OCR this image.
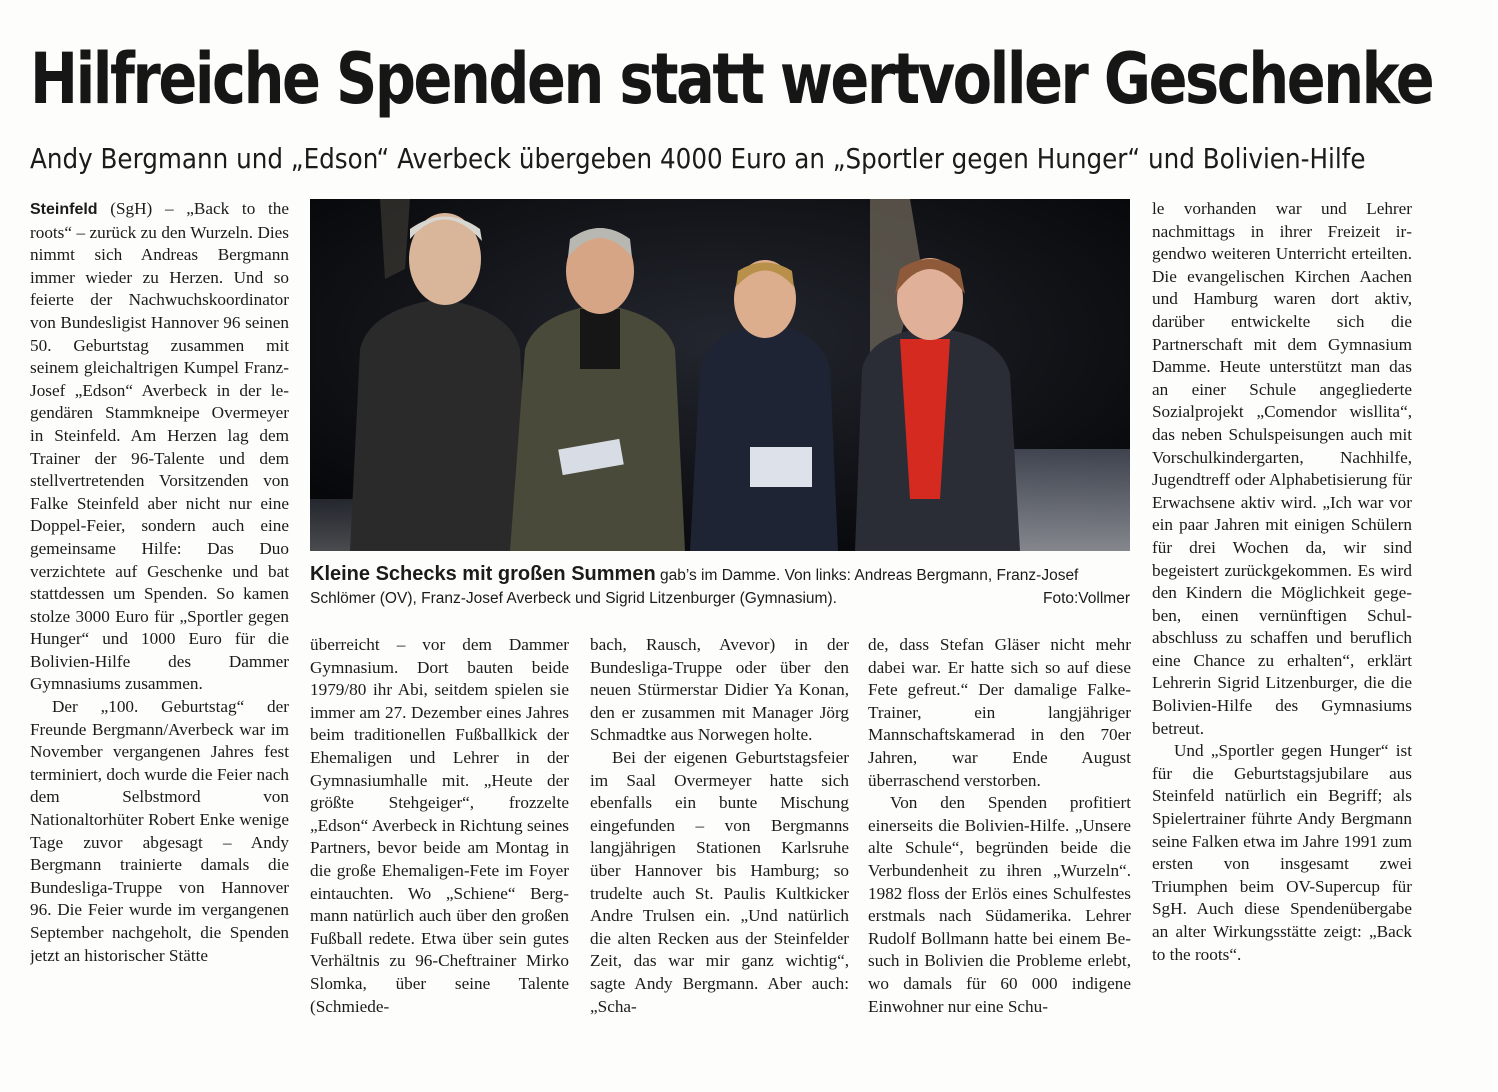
Hilfreiche Spenden statt wertvoller Geschenke
Andy Bergmann und „Edson“ Averbeck übergeben 4000 Euro an „Sportler gegen Hunger“ und Bolivien-Hilfe

Steinfeld (SgH) – „Back to the roots“ – zurück zu den Wurzeln. Dies nimmt sich Andreas Bergmann immer wieder zu Herzen. Und so feierte der Nachwuchskoordinator von Bundesligist Hannover 96 seinen 50. Geburtstag zusammen mit seinem gleichaltrigen Kumpel Franz-Josef „Edson“ Averbeck in der legendären Stammkneipe Overmeyer in Steinfeld. Am Herzen lag dem Trainer der 96-Talente und dem stellvertretenden Vorsitzenden von Falke Steinfeld aber nicht nur eine Doppel-Feier, sondern auch eine gemeinsame Hilfe: Das Duo verzichtete auf Geschenke und bat stattdessen um Spenden. So kamen stolze 3000 Euro für „Sportler gegen Hunger“ und 1000 Euro für die Bolivien-Hilfe des Dammer Gymnasiums zusammen.

Der „100. Geburtstag“ der Freunde Bergmann/Averbeck war im November vergangenen Jahres fest terminiert, doch wurde die Feier nach dem Selbstmord von Nationaltorhüter Robert Enke wenige Tage zuvor abgesagt – Andy Bergmann trainierte damals die Bundesliga-Truppe von Hannover 96. Die Feier wurde im vergangenen September nachgeholt, die Spenden jetzt an historischer Stätte

Kleine Schecks mit großen Summen gab’s im Damme. Von links: Andreas Bergmann, Franz-Josef Schlömer (OV), Franz-Josef Averbeck und Sigrid Litzenburger (Gymnasium).	Foto:Vollmer

überreicht – vor dem Dammer Gymnasium. Dort bauten beide 1979/80 ihr Abi, seitdem spielen sie immer am 27. Dezember eines Jahres beim traditionellen Fußballkick der Ehemaligen und Lehrer in der Gymnasiumhalle mit. „Heute der größte Stehgeiger“, frozzelte „Edson“ Averbeck in Richtung seines Partners, bevor beide am Montag in die große Ehemaligen-Fete im Foyer eintauchten. Wo „Schiene“ Bergmann natürlich auch über den großen Fußball redete. Etwa über sein gutes Verhältnis zu 96-Cheftrainer Mirko Slomka, über seine Talente (Schmiede-

bach, Rausch, Avevor) in der Bundesliga-Truppe oder über den neuen Stürmerstar Didier Ya Konan, den er zusammen mit Manager Jörg Schmadtke aus Norwegen holte.

Bei der eigenen Geburtstagsfeier im Saal Overmeyer hatte sich ebenfalls ein bunte Mischung eingefunden – von Bergmanns langjährigen Stationen Karlsruhe über Hannover bis Hamburg; so trudelte auch St. Paulis Kultkicker Andre Trulsen ein. „Und natürlich die alten Recken aus der Steinfelder Zeit, das war mir ganz wichtig“, sagte Andy Bergmann. Aber auch: „Scha-

de, dass Stefan Gläser nicht mehr dabei war. Er hatte sich so auf diese Fete gefreut.“ Der damalige Falke-Trainer, ein langjähriger Mannschaftskamerad in den 70er Jahren, war Ende August überraschend verstorben.

Von den Spenden profitiert einerseits die Bolivien-Hilfe. „Unsere alte Schule“, begründen beide die Verbundenheit zu ihren „Wurzeln“. 1982 floss der Erlös eines Schulfestes erstmals nach Südamerika. Lehrer Rudolf Bollmann hatte bei einem Besuch in Bolivien die Probleme erlebt, wo damals für 60 000 indigene Einwohner nur eine Schu-

le vorhanden war und Lehrer nachmittags in ihrer Freizeit irgendwo weiteren Unterricht erteilten. Die evangelischen Kirchen Aachen und Hamburg waren dort aktiv, darüber entwickelte sich die Partnerschaft mit dem Gymnasium Damme. Heute unterstützt man das an einer Schule angegliederte Sozialprojekt „Comendor wisllita“, das neben Schulspeisungen auch mit Vorschulkindergarten, Nachhilfe, Jugendtreff oder Alphabetisierung für Erwachsene aktiv wird. „Ich war vor ein paar Jahren mit einigen Schülern für drei Wochen da, wir sind begeistert zurückgekommen. Es wird den Kindern die Möglichkeit gegeben, einen vernünftigen Schulabschluss zu schaffen und beruflich eine Chance zu erhalten“, erklärt Lehrerin Sigrid Litzenburger, die die Bolivien-Hilfe des Gymnasiums betreut.

Und „Sportler gegen Hunger“ ist für die Geburtstagsjubilare aus Steinfeld natürlich ein Begriff; als Spielertrainer führte Andy Bergmann seine Falken etwa im Jahre 1991 zum ersten von insgesamt zwei Triumphen beim OV-Supercup für SgH. Auch diese Spendenübergabe an alter Wirkungsstätte zeigt: „Back to the roots“.
